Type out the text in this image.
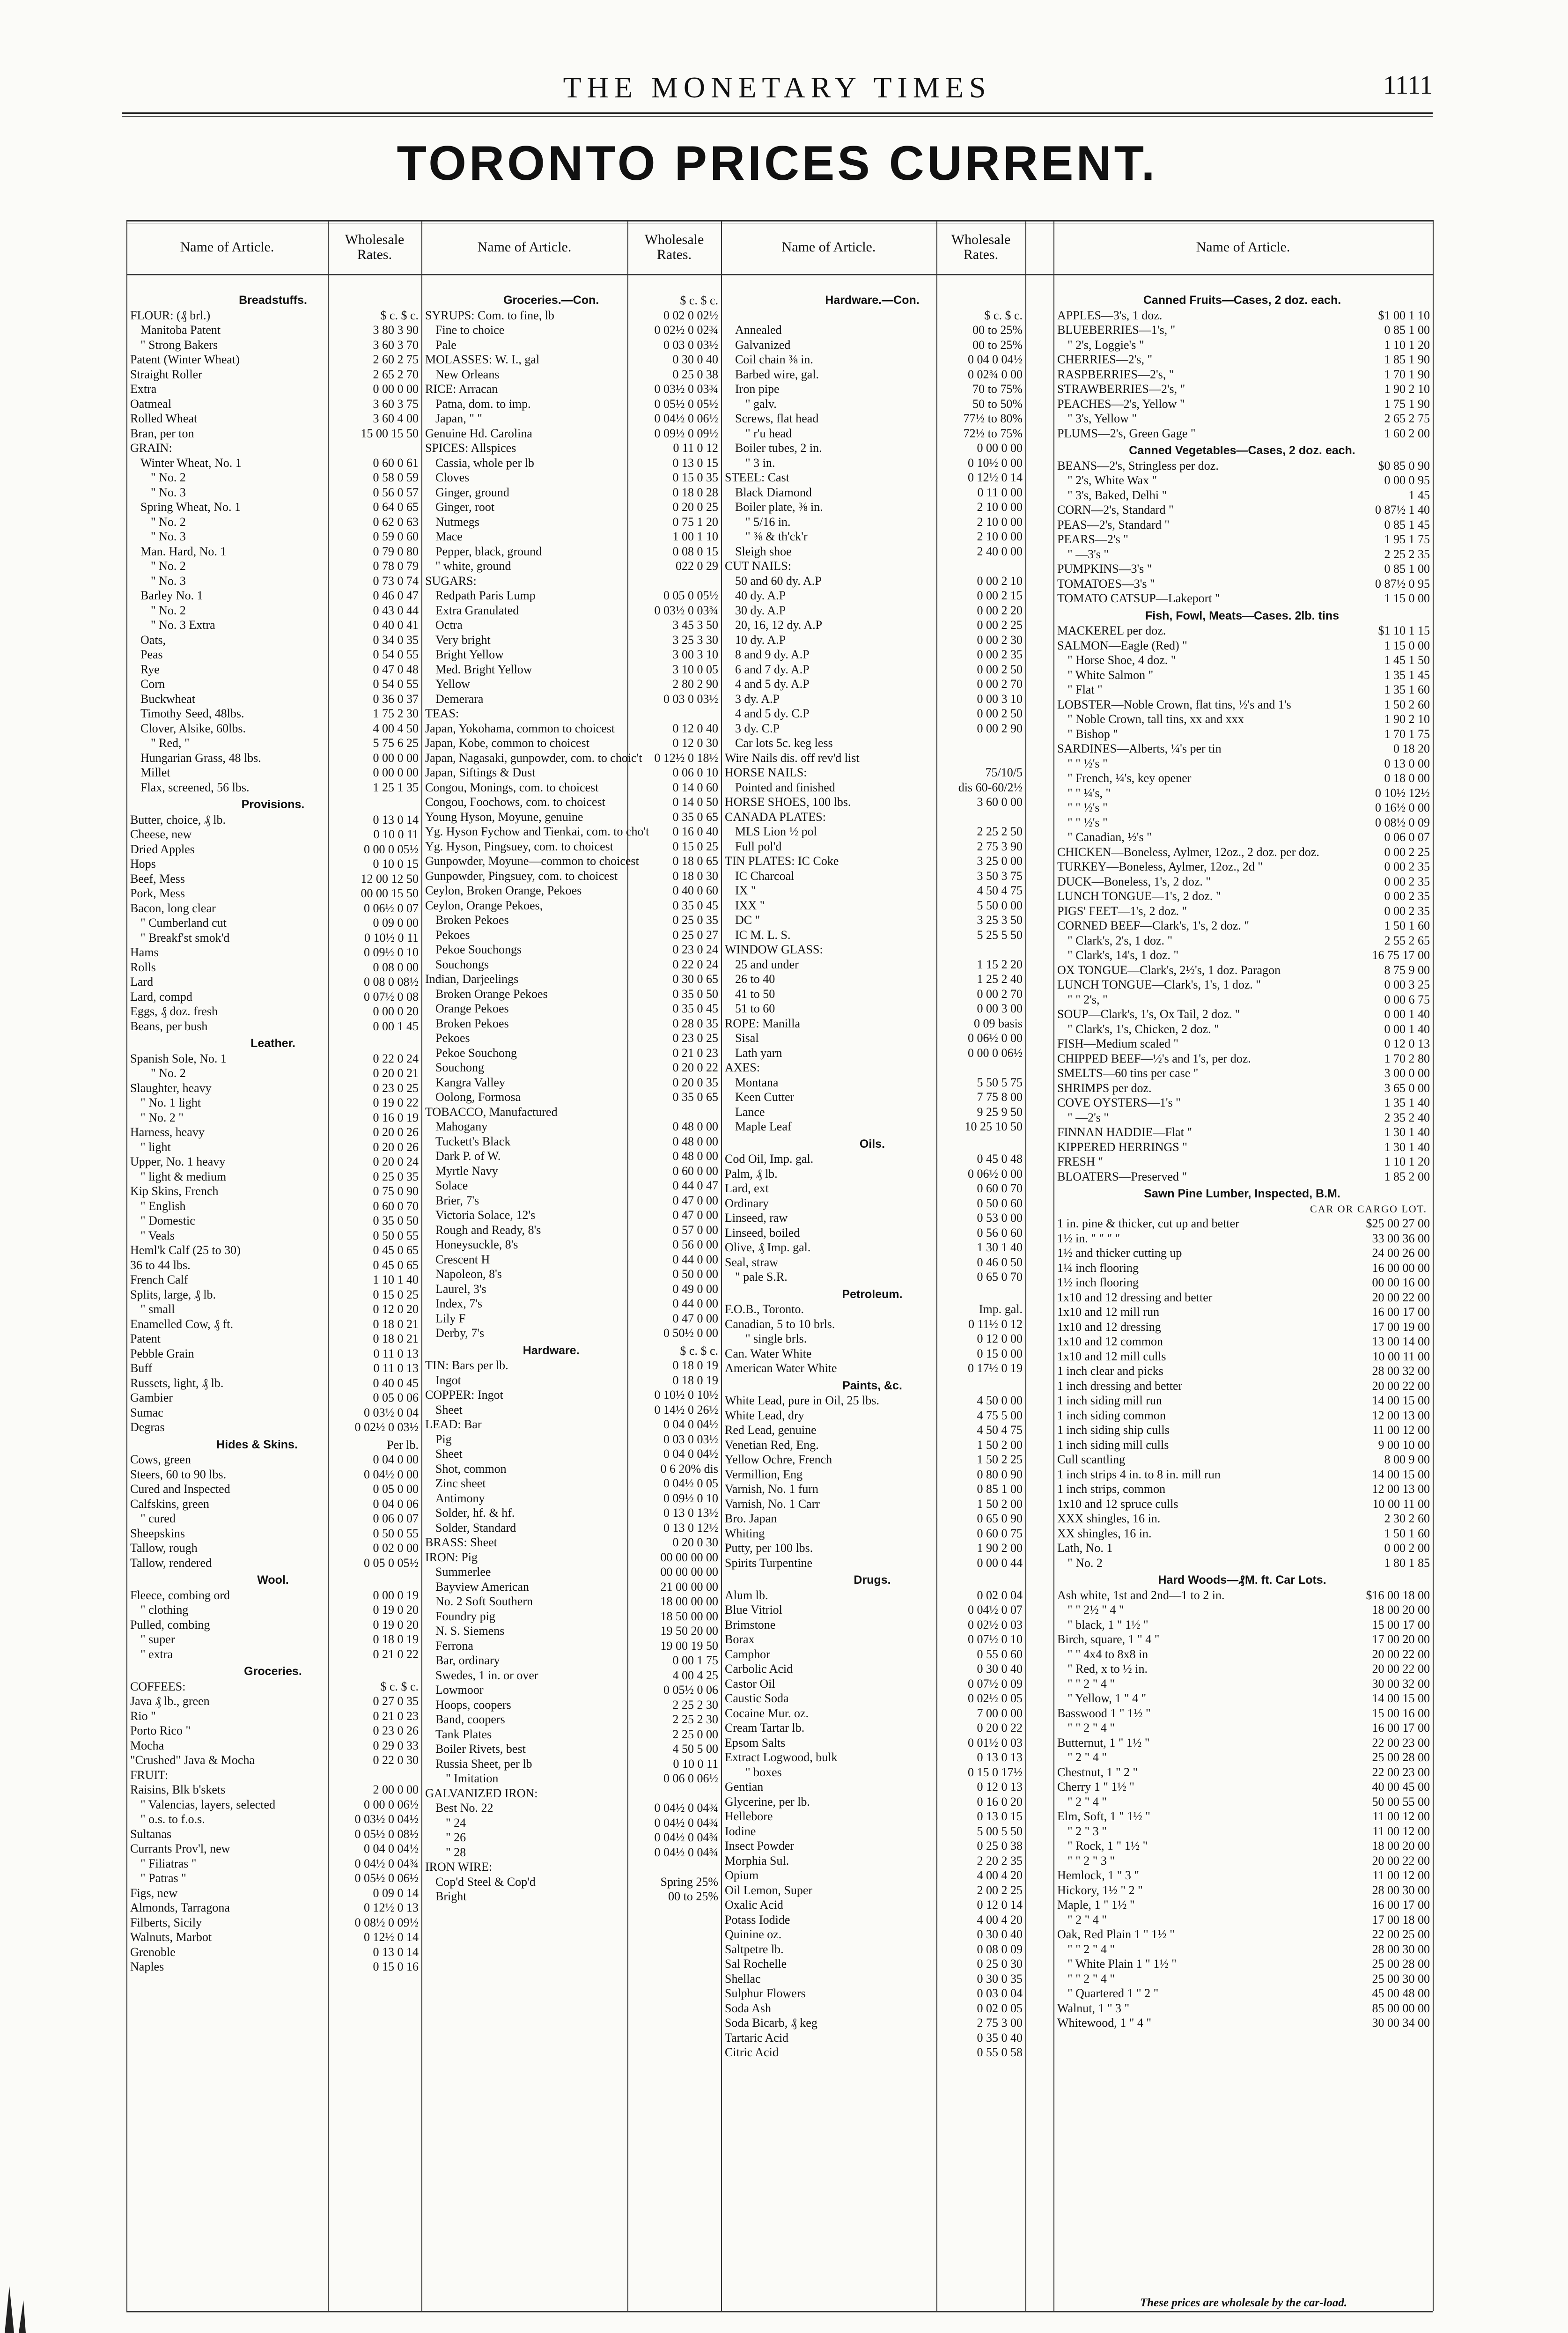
THE MONETARY TIMES	1111
TORONTO PRICES CURRENT.
Name of Article.	Wholesale Rates.	Name of Article.	Wholesale Rates.	Name of Article.	Wholesale Rates.	Name of Article.
Breadstuffs.
FLOUR: (₰ brl.)	$ c. $ c.
Manitoba Patent	3 80 3 90
" Strong Bakers	3 60 3 70
Patent (Winter Wheat)	2 60 2 75
Straight Roller	2 65 2 70
Extra	0 00 0 00
Oatmeal	3 60 3 75
Rolled Wheat	3 60 4 00
Bran, per ton	15 00 15 50
GRAIN:
Winter Wheat, No. 1	0 60 0 61
" No. 2	0 58 0 59
" No. 3	0 56 0 57
Spring Wheat, No. 1	0 64 0 65
" No. 2	0 62 0 63
" No. 3	0 59 0 60
Man. Hard, No. 1	0 79 0 80
" No. 2	0 78 0 79
" No. 3	0 73 0 74
Barley No. 1	0 46 0 47
" No. 2	0 43 0 44
" No. 3 Extra	0 40 0 41
Oats,	0 34 0 35
Peas	0 54 0 55
Rye	0 47 0 48
Corn	0 54 0 55
Buckwheat	0 36 0 37
Timothy Seed, 48lbs.	1 75 2 30
Clover, Alsike, 60lbs.	4 00 4 50
" Red, "	5 75 6 25
Hungarian Grass, 48 lbs.	0 00 0 00
Millet	0 00 0 00
Flax, screened, 56 lbs.	1 25 1 35
Provisions.
Butter, choice, ₰ lb.	0 13 0 14
Cheese, new	0 10 0 11
Dried Apples	0 00 0 05½
Hops	0 10 0 15
Beef, Mess	12 00 12 50
Pork, Mess	00 00 15 50
Bacon, long clear	0 06½ 0 07
" Cumberland cut	0 09 0 00
" Breakf'st smok'd	0 10½ 0 11
Hams	0 09½ 0 10
Rolls	0 08 0 00
Lard	0 08 0 08½
Lard, compd	0 07½ 0 08
Eggs, ₰ doz. fresh	0 00 0 20
Beans, per bush	0 00 1 45
Leather.
Spanish Sole, No. 1	0 22 0 24
" No. 2	0 20 0 21
Slaughter, heavy	0 23 0 25
" No. 1 light	0 19 0 22
" No. 2 "	0 16 0 19
Harness, heavy	0 20 0 26
" light	0 20 0 26
Upper, No. 1 heavy	0 20 0 24
" light & medium	0 25 0 35
Kip Skins, French	0 75 0 90
" English	0 60 0 70
" Domestic	0 35 0 50
" Veals	0 50 0 55
Heml'k Calf (25 to 30)	0 45 0 65
36 to 44 lbs.	0 45 0 65
French Calf	1 10 1 40
Splits, large, ₰ lb.	0 15 0 25
" small	0 12 0 20
Enamelled Cow, ₰ ft.	0 18 0 21
Patent	0 18 0 21
Pebble Grain	0 11 0 13
Buff	0 11 0 13
Russets, light, ₰ lb.	0 40 0 45
Gambier	0 05 0 06
Sumac	0 03½ 0 04
Degras	0 02½ 0 03½
Hides & Skins.	Per lb.
Cows, green	0 04 0 00
Steers, 60 to 90 lbs.	0 04½ 0 00
Cured and Inspected	0 05 0 00
Calfskins, green	0 04 0 06
" cured	0 06 0 07
Sheepskins	0 50 0 55
Tallow, rough	0 02 0 00
Tallow, rendered	0 05 0 05½
Wool.
Fleece, combing ord	0 00 0 19
" clothing	0 19 0 20
Pulled, combing	0 19 0 20
" super	0 18 0 19
" extra	0 21 0 22
Groceries.
COFFEES:	$ c. $ c.
Java ₰ lb., green	0 27 0 35
Rio "	0 21 0 23
Porto Rico "	0 23 0 26
Mocha	0 29 0 33
"Crushed" Java & Mocha	0 22 0 30
FRUIT:
Raisins, Blk b'skets	2 00 0 00
" Valencias, layers, selected	0 00 0 06½
" o.s. to f.o.s.	0 03½ 0 04½
Sultanas	0 05½ 0 08½
Currants Prov'l, new	0 04 0 04½
" Filiatras "	0 04½ 0 04¾
" Patras "	0 05½ 0 06½
Figs, new	0 09 0 14
Almonds, Tarragona	0 12½ 0 13
Filberts, Sicily	0 08½ 0 09½
Walnuts, Marbot	0 12½ 0 14
Grenoble	0 13 0 14
Naples	0 15 0 16
Groceries.—Con.	$ c. $ c.
SYRUPS: Com. to fine, lb	0 02 0 02½
Fine to choice	0 02½ 0 02¾
Pale	0 03 0 03½
MOLASSES: W. I., gal	0 30 0 40
New Orleans	0 25 0 38
RICE: Arracan	0 03½ 0 03¾
Patna, dom. to imp.	0 05½ 0 05½
Japan, " "	0 04½ 0 06½
Genuine Hd. Carolina	0 09½ 0 09½
SPICES: Allspices	0 11 0 12
Cassia, whole per lb	0 13 0 15
Cloves	0 15 0 35
Ginger, ground	0 18 0 28
Ginger, root	0 20 0 25
Nutmegs	0 75 1 20
Mace	1 00 1 10
Pepper, black, ground	0 08 0 15
" white, ground	022 0 29
SUGARS:
Redpath Paris Lump	0 05 0 05½
Extra Granulated	0 03½ 0 03¾
Octra	3 45 3 50
Very bright	3 25 3 30
Bright Yellow	3 00 3 10
Med. Bright Yellow	3 10 0 05
Yellow	2 80 2 90
Demerara	0 03 0 03½
TEAS:
Japan, Yokohama, common to choicest	0 12 0 40
Japan, Kobe, common to choicest	0 12 0 30
Japan, Nagasaki, gunpowder, com. to choic't 0 12½ 0 18½
Japan, Siftings & Dust	0 06 0 10
Congou, Monings, com. to choicest	0 14 0 60
Congou, Foochows, com. to choicest	0 14 0 50
Young Hyson, Moyune, genuine	0 35 0 65
Yg. Hyson Fychow and Tienkai, com. to cho't	0 16 0 40
Yg. Hyson, Pingsuey, com. to choicest	0 15 0 25
Gunpowder, Moyune—common to choicest	0 18 0 65
Gunpowder, Pingsuey, com. to choicest	0 18 0 30
Ceylon, Broken Orange, Pekoes	0 40 0 60
Ceylon, Orange Pekoes,	0 35 0 45
Broken Pekoes	0 25 0 35
Pekoes	0 25 0 27
Pekoe Souchongs	0 23 0 24
Souchongs	0 22 0 24
Indian, Darjeelings	0 30 0 65
Broken Orange Pekoes	0 35 0 50
Orange Pekoes	0 35 0 45
Broken Pekoes	0 28 0 35
Pekoes	0 23 0 25
Pekoe Souchong	0 21 0 23
Souchong	0 20 0 22
Kangra Valley	0 20 0 35
Oolong, Formosa	0 35 0 65
TOBACCO, Manufactured
Mahogany	0 48 0 00
Tuckett's Black	0 48 0 00
Dark P. of W.	0 48 0 00
Myrtle Navy	0 60 0 00
Solace	0 44 0 47
Brier, 7's	0 47 0 00
Victoria Solace, 12's	0 47 0 00
Rough and Ready, 8's	0 57 0 00
Honeysuckle, 8's	0 56 0 00
Crescent H	0 44 0 00
Napoleon, 8's	0 50 0 00
Laurel, 3's	0 49 0 00
Index, 7's	0 44 0 00
Lily F	0 47 0 00
Derby, 7's	0 50½ 0 00
Hardware.	$ c. $ c.
TIN: Bars per lb.	0 18 0 19
Ingot	0 18 0 19
COPPER: Ingot	0 10½ 0 10½
Sheet	0 14½ 0 26½
LEAD: Bar	0 04 0 04½
Pig	0 03 0 03½
Sheet	0 04 0 04½
Shot, common	0 6 20% dis
Zinc sheet	0 04½ 0 05
Antimony	0 09½ 0 10
Solder, hf. & hf.	0 13 0 13½
Solder, Standard	0 13 0 12½
BRASS: Sheet	0 20 0 30
IRON: Pig	00 00 00 00
Summerlee	00 00 00 00
Bayview American	21 00 00 00
No. 2 Soft Southern	18 00 00 00
Foundry pig	18 50 00 00
N. S. Siemens	19 50 20 00
Ferrona	19 00 19 50
Bar, ordinary	0 00 1 75
Swedes, 1 in. or over	4 00 4 25
Lowmoor	0 05½ 0 06
Hoops, coopers	2 25 2 30
Band, coopers	2 25 2 30
Tank Plates	2 25 0 00
Boiler Rivets, best	4 50 5 00
Russia Sheet, per lb	0 10 0 11
" Imitation	0 06 0 06½
GALVANIZED IRON:
Best No. 22	0 04½ 0 04¾
" 24	0 04½ 0 04¾
" 26	0 04½ 0 04¾
" 28	0 04½ 0 04¾
IRON WIRE:
Cop'd Steel & Cop'd	Spring 25%
Bright	00 to 25%
Hardware.—Con.
$ c. $ c.
Annealed	00 to 25%
Galvanized	00 to 25%
Coil chain ⅜ in.	0 04 0 04½
Barbed wire, gal.	0 02¾ 0 00
Iron pipe	70 to 75%
" galv.	50 to 50%
Screws, flat head	77½ to 80%
" r'u head	72½ to 75%
Boiler tubes, 2 in.	0 00 0 00
" 3 in.	0 10½ 0 00
STEEL: Cast	0 12½ 0 14
Black Diamond	0 11 0 00
Boiler plate, ⅜ in.	2 10 0 00
" 5/16 in.	2 10 0 00
" ⅜ & th'ck'r	2 10 0 00
Sleigh shoe	2 40 0 00
CUT NAILS:
50 and 60 dy. A.P	0 00 2 10
40 dy. A.P	0 00 2 15
30 dy. A.P	0 00 2 20
20, 16, 12 dy. A.P	0 00 2 25
10 dy. A.P	0 00 2 30
8 and 9 dy. A.P	0 00 2 35
6 and 7 dy. A.P	0 00 2 50
4 and 5 dy. A.P	0 00 2 70
3 dy. A.P	0 00 3 10
4 and 5 dy. C.P	0 00 2 50
3 dy. C.P	0 00 2 90
Car lots 5c. keg less
Wire Nails dis. off rev'd list
HORSE NAILS:	75/10/5
Pointed and finished	dis 60-60/2½
HORSE SHOES, 100 lbs.	3 60 0 00
CANADA PLATES:
MLS Lion ½ pol	2 25 2 50
Full pol'd	2 75 3 90
TIN PLATES: IC Coke	3 25 0 00
IC Charcoal	3 50 3 75
IX "	4 50 4 75
IXX "	5 50 0 00
DC "	3 25 3 50
IC M. L. S.	5 25 5 50
WINDOW GLASS:
25 and under	1 15 2 20
26 to 40	1 25 2 40
41 to 50	0 00 2 70
51 to 60	0 00 3 00
ROPE: Manilla	0 09 basis
Sisal	0 06½ 0 00
Lath yarn	0 00 0 06½
AXES:
Montana	5 50 5 75
Keen Cutter	7 75 8 00
Lance	9 25 9 50
Maple Leaf	10 25 10 50
Oils.
Cod Oil, Imp. gal.	0 45 0 48
Palm, ₰ lb.	0 06½ 0 00
Lard, ext	0 60 0 70
Ordinary	0 50 0 60
Linseed, raw	0 53 0 00
Linseed, boiled	0 56 0 60
Olive, ₰ Imp. gal.	1 30 1 40
Seal, straw	0 46 0 50
" pale S.R.	0 65 0 70
Petroleum.
F.O.B., Toronto.	Imp. gal.
Canadian, 5 to 10 brls.	0 11½ 0 12
" single brls.	0 12 0 00
Can. Water White	0 15 0 00
American Water White	0 17½ 0 19
Paints, &c.
White Lead, pure in Oil, 25 lbs.	4 50 0 00
White Lead, dry	4 75 5 00
Red Lead, genuine	4 50 4 75
Venetian Red, Eng.	1 50 2 00
Yellow Ochre, French	1 50 2 25
Vermillion, Eng	0 80 0 90
Varnish, No. 1 furn	0 85 1 00
Varnish, No. 1 Carr	1 50 2 00
Bro. Japan	0 65 0 90
Whiting	0 60 0 75
Putty, per 100 lbs.	1 90 2 00
Spirits Turpentine	0 00 0 44
Drugs.
Alum lb.	0 02 0 04
Blue Vitriol	0 04½ 0 07
Brimstone	0 02½ 0 03
Borax	0 07½ 0 10
Camphor	0 55 0 60
Carbolic Acid	0 30 0 40
Castor Oil	0 07½ 0 09
Caustic Soda	0 02½ 0 05
Cocaine Mur. oz.	7 00 0 00
Cream Tartar lb.	0 20 0 22
Epsom Salts	0 01½ 0 03
Extract Logwood, bulk	0 13 0 13
" boxes	0 15 0 17½
Gentian	0 12 0 13
Glycerine, per lb.	0 16 0 20
Hellebore	0 13 0 15
Iodine	5 00 5 50
Insect Powder	0 25 0 38
Morphia Sul.	2 20 2 35
Opium	4 00 4 20
Oil Lemon, Super	2 00 2 25
Oxalic Acid	0 12 0 14
Potass Iodide	4 00 4 20
Quinine oz.	0 30 0 40
Saltpetre lb.	0 08 0 09
Sal Rochelle	0 25 0 30
Shellac	0 30 0 35
Sulphur Flowers	0 03 0 04
Soda Ash	0 02 0 05
Soda Bicarb, ₰ keg	2 75 3 00
Tartaric Acid	0 35 0 40
Citric Acid	0 55 0 58
Canned Fruits—Cases, 2 doz. each.
APPLES—3's, 1 doz.	$1 00 1 10
BLUEBERRIES—1's, "	0 85 1 00
" 2's, Loggie's "	1 10 1 20
CHERRIES—2's, "	1 85 1 90
RASPBERRIES—2's, "	1 70 1 90
STRAWBERRIES—2's, "	1 90 2 10
PEACHES—2's, Yellow "	1 75 1 90
" 3's, Yellow "	2 65 2 75
PLUMS—2's, Green Gage "	1 60 2 00
Canned Vegetables—Cases, 2 doz. each.
BEANS—2's, Stringless per doz.	$0 85 0 90
" 2's, White Wax "	0 00 0 95
" 3's, Baked, Delhi "	1 45
CORN—2's, Standard "	0 87½ 1 40
PEAS—2's, Standard "	0 85 1 45
PEARS—2's "	1 95 1 75
" —3's "	2 25 2 35
PUMPKINS—3's "	0 85 1 00
TOMATOES—3's "	0 87½ 0 95
TOMATO CATSUP—Lakeport "	1 15 0 00
Fish, Fowl, Meats—Cases. 2lb. tins
MACKEREL per doz.	$1 10 1 15
SALMON—Eagle (Red) "	1 15 0 00
" Horse Shoe, 4 doz. "	1 45 1 50
" White Salmon "	1 35 1 45
" Flat "	1 35 1 60
LOBSTER—Noble Crown, flat tins, ½'s and 1's	1 50 2 60
" Noble Crown, tall tins, xx and xxx	1 90 2 10
" Bishop "	1 70 1 75
SARDINES—Alberts, ¼'s per tin	0 18 20
" " ½'s "	0 13 0 00
" French, ¼'s, key opener	0 18 0 00
" " ¼'s, "	0 10½ 12½
" " ½'s "	0 16½ 0 00
" " ½'s "	0 08½ 0 09
" Canadian, ½'s "	0 06 0 07
CHICKEN—Boneless, Aylmer, 12oz., 2 doz. per doz.	0 00 2 25
TURKEY—Boneless, Aylmer, 12oz., 2d "	0 00 2 35
DUCK—Boneless, 1's, 2 doz. "	0 00 2 35
LUNCH TONGUE—1's, 2 doz. "	0 00 2 35
PIGS' FEET—1's, 2 doz. "	0 00 2 35
CORNED BEEF—Clark's, 1's, 2 doz. "	1 50 1 60
" Clark's, 2's, 1 doz. "	2 55 2 65
" Clark's, 14's, 1 doz. "	16 75 17 00
OX TONGUE—Clark's, 2½'s, 1 doz. Paragon	8 75 9 00
LUNCH TONGUE—Clark's, 1's, 1 doz. "	0 00 3 25
" " 2's, "	0 00 6 75
SOUP—Clark's, 1's, Ox Tail, 2 doz. "	0 00 1 40
" Clark's, 1's, Chicken, 2 doz. "	0 00 1 40
FISH—Medium scaled "	0 12 0 13
CHIPPED BEEF—½'s and 1's, per doz.	1 70 2 80
SMELTS—60 tins per case "	3 00 0 00
SHRIMPS per doz.	3 65 0 00
COVE OYSTERS—1's "	1 35 1 40
" —2's "	2 35 2 40
FINNAN HADDIE—Flat "	1 30 1 40
KIPPERED HERRINGS "	1 30 1 40
FRESH "	1 10 1 20
BLOATERS—Preserved "	1 85 2 00
Sawn Pine Lumber, Inspected, B.M.
CAR OR CARGO LOT.
1 in. pine & thicker, cut up and better	$25 00 27 00
1½ in. " " " "	33 00 36 00
1½ and thicker cutting up	24 00 26 00
1¼ inch flooring	16 00 00 00
1½ inch flooring	00 00 16 00
1x10 and 12 dressing and better	20 00 22 00
1x10 and 12 mill run	16 00 17 00
1x10 and 12 dressing	17 00 19 00
1x10 and 12 common	13 00 14 00
1x10 and 12 mill culls	10 00 11 00
1 inch clear and picks	28 00 32 00
1 inch dressing and better	20 00 22 00
1 inch siding mill run	14 00 15 00
1 inch siding common	12 00 13 00
1 inch siding ship culls	11 00 12 00
1 inch siding mill culls	9 00 10 00
Cull scantling	8 00 9 00
1 inch strips 4 in. to 8 in. mill run	14 00 15 00
1 inch strips, common	12 00 13 00
1x10 and 12 spruce culls	10 00 11 00
XXX shingles, 16 in.	2 30 2 60
XX shingles, 16 in.	1 50 1 60
Lath, No. 1	0 00 2 00
" No. 2	1 80 1 85
Hard Woods—₰M. ft. Car Lots.
Ash white, 1st and 2nd—1 to 2 in.	$16 00 18 00
" " 2½ " 4 "	18 00 20 00
" black, 1 " 1½ "	15 00 17 00
Birch, square, 1 " 4 "	17 00 20 00
" " 4x4 to 8x8 in	20 00 22 00
" Red, x to ½ in.	20 00 22 00
" " 2 " 4 "	30 00 32 00
" Yellow, 1 " 4 "	14 00 15 00
Basswood 1 " 1½ "	15 00 16 00
" " 2 " 4 "	16 00 17 00
Butternut, 1 " 1½ "	22 00 23 00
" 2 " 4 "	25 00 28 00
Chestnut, 1 " 2 "	22 00 23 00
Cherry 1 " 1½ "	40 00 45 00
" 2 " 4 "	50 00 55 00
Elm, Soft, 1 " 1½ "	11 00 12 00
" 2 " 3 "	11 00 12 00
" Rock, 1 " 1½ "	18 00 20 00
" " 2 " 3 "	20 00 22 00
Hemlock, 1 " 3 "	11 00 12 00
Hickory, 1½ " 2 "	28 00 30 00
Maple, 1 " 1½ "	16 00 17 00
" 2 " 4 "	17 00 18 00
Oak, Red Plain 1 " 1½ "	22 00 25 00
" " 2 " 4 "	28 00 30 00
" White Plain 1 " 1½ "	25 00 28 00
" " 2 " 4 "	25 00 30 00
" Quartered 1 " 2 "	45 00 48 00
Walnut, 1 " 3 "	85 00 00 00
Whitewood, 1 " 4 "	30 00 34 00
These prices are wholesale by the car-load.
